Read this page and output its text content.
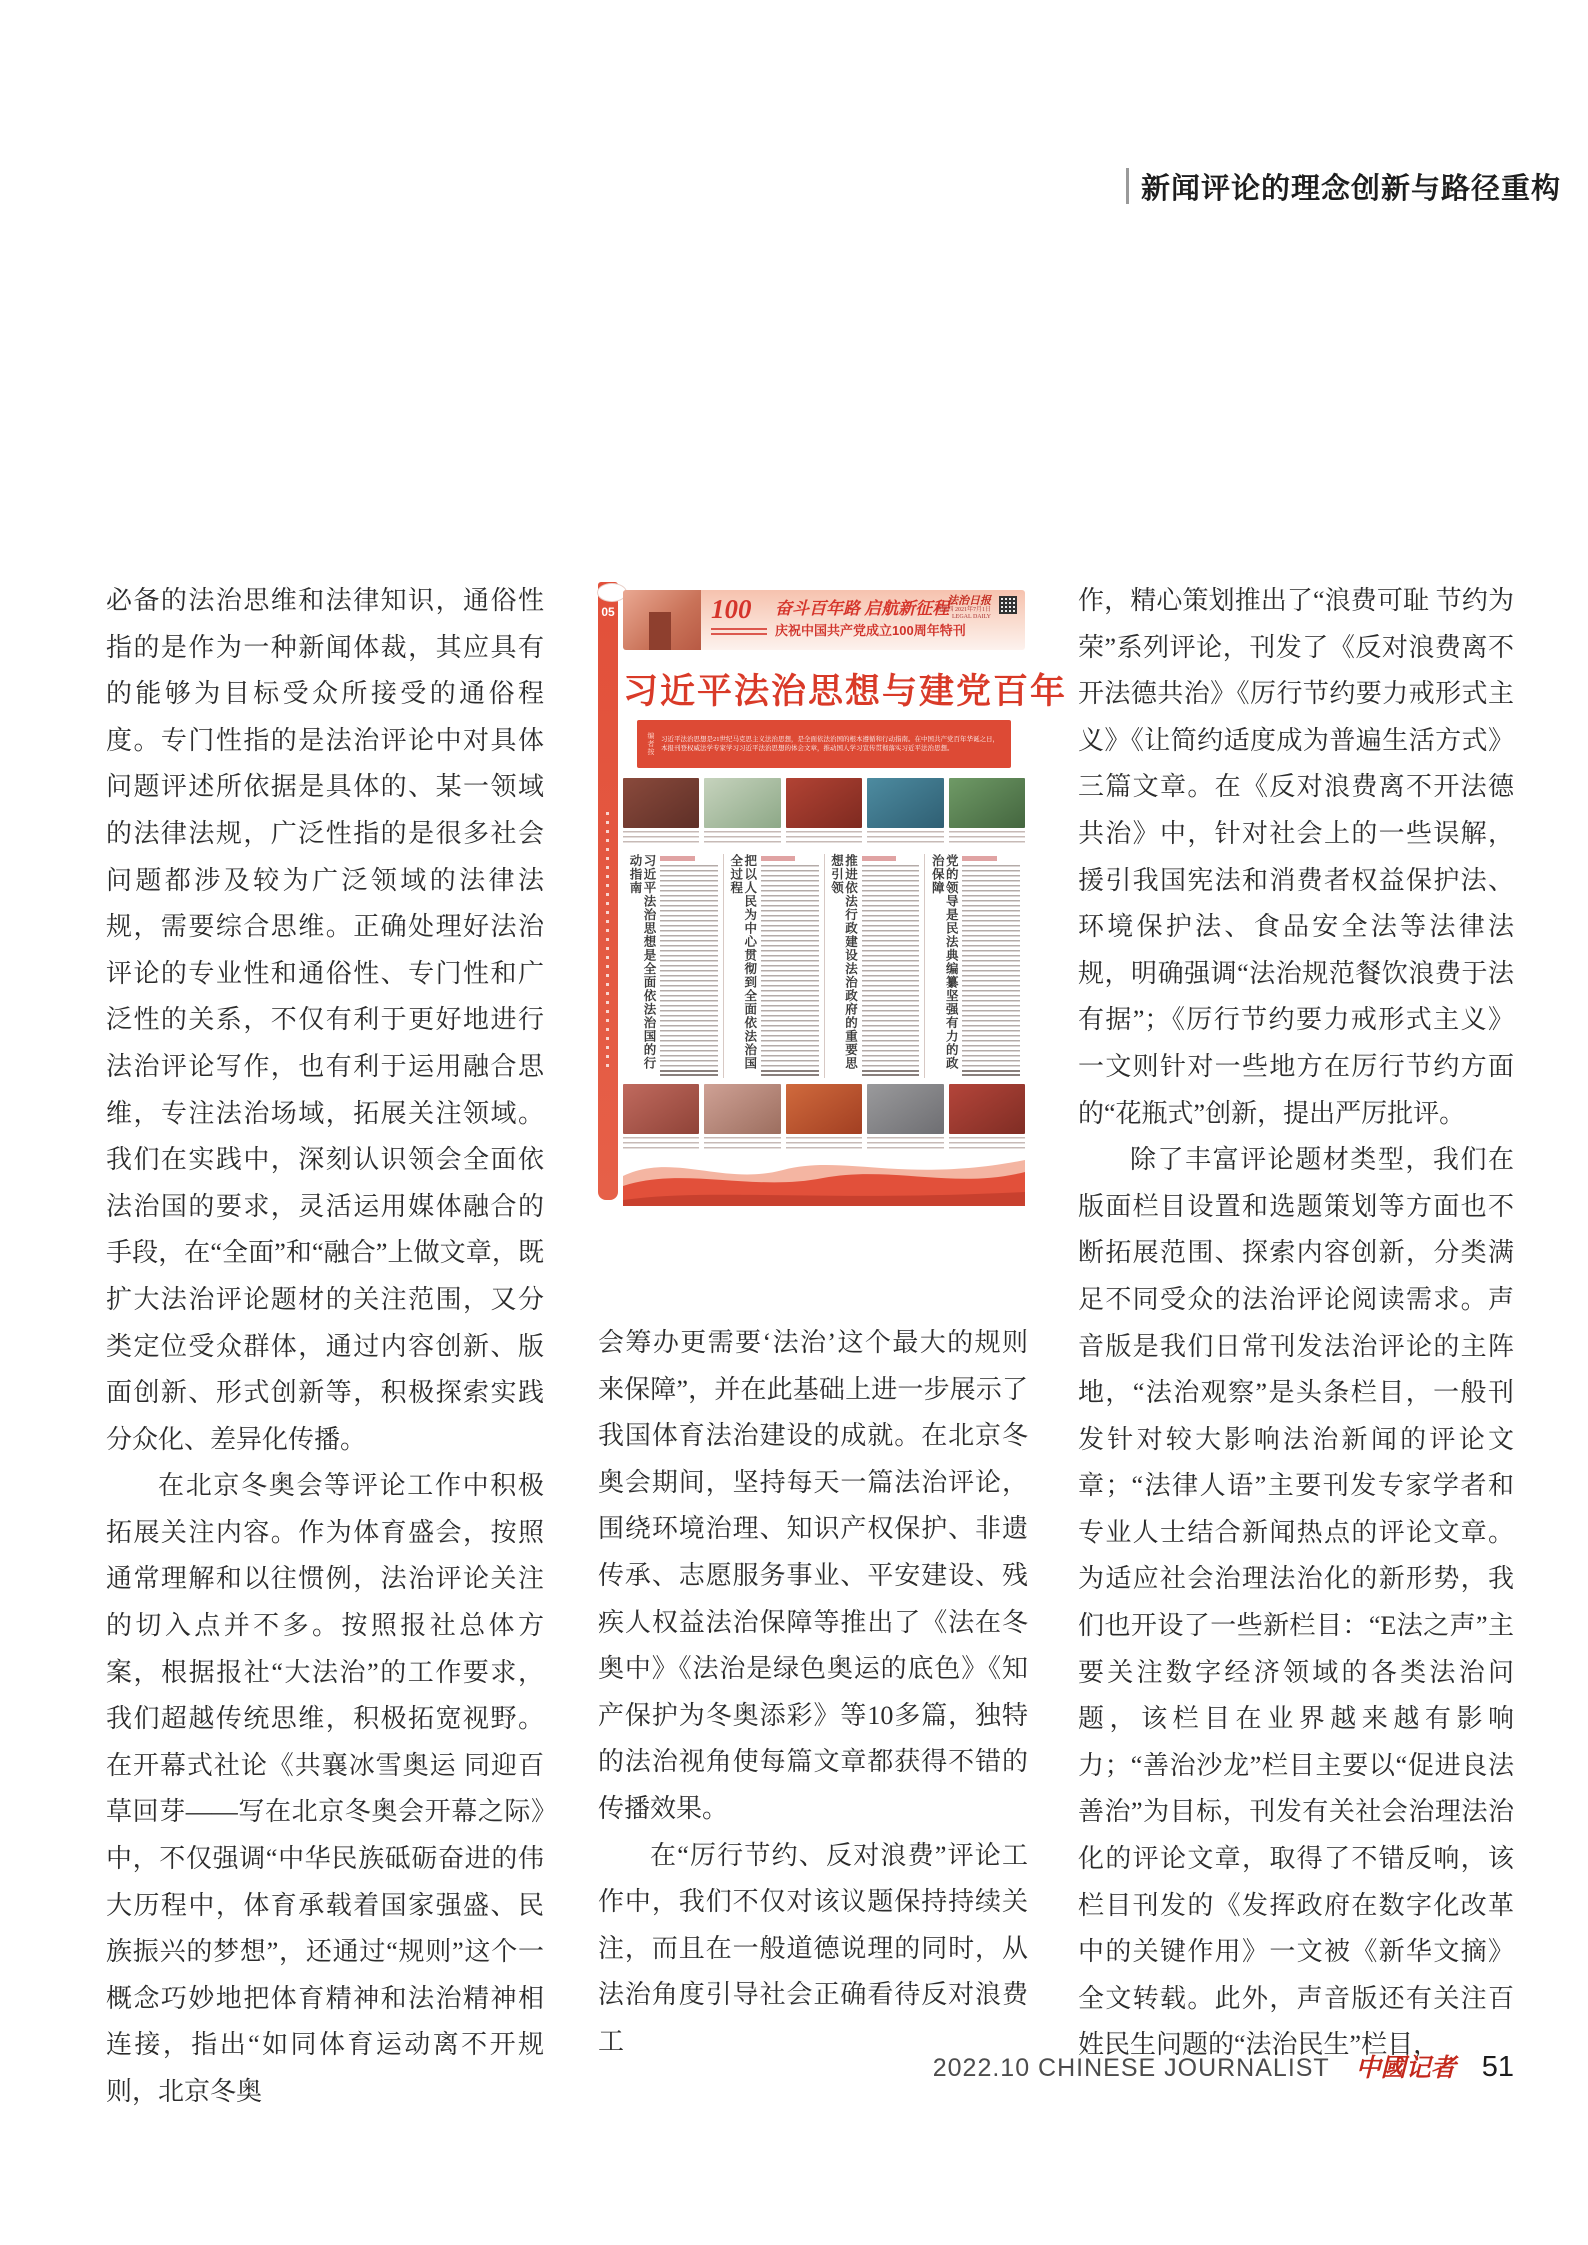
新闻评论的理念创新与路径重构

必备的法治思维和法律知识，通俗性指的是作为一种新闻体裁，其应具有的能够为目标受众所接受的通俗程度。专门性指的是法治评论中对具体问题评述所依据是具体的、某一领域的法律法规，广泛性指的是很多社会问题都涉及较为广泛领域的法律法规，需要综合思维。正确处理好法治评论的专业性和通俗性、专门性和广泛性的关系，不仅有利于更好地进行法治评论写作，也有利于运用融合思维，专注法治场域，拓展关注领域。我们在实践中，深刻认识领会全面依法治国的要求，灵活运用媒体融合的手段，在“全面”和“融合”上做文章，既扩大法治评论题材的关注范围，又分类定位受众群体，通过内容创新、版面创新、形式创新等，积极探索实践分众化、差异化传播。

在北京冬奥会等评论工作中积极拓展关注内容。作为体育盛会，按照通常理解和以往惯例，法治评论关注的切入点并不多。按照报社总体方案，根据报社“大法治”的工作要求，我们超越传统思维，积极拓宽视野。在开幕式社论《共襄冰雪奥运 同迎百草回芽——写在北京冬奥会开幕之际》中，不仅强调“中华民族砥砺奋进的伟大历程中，体育承载着国家强盛、民族振兴的梦想”，还通过“规则”这个一概念巧妙地把体育精神和法治精神相连接，指出“如同体育运动离不开规则，北京冬奥

05	100 奋斗百年路 启航新征程
庆祝中国共产党成立100周年特刊
法治日报
星期四 2021年7月1日
LEGAL DAILY
习近平法治思想与建党百年
编者按 习近平法治思想是21世纪马克思主义法治思想，是全面依法治国的根本遵循和行动指南。在中国共产党百年华诞之日，本报刊登权威法学专家学习习近平法治思想的体会文章，推动国人学习宣传贯彻落实习近平法治思想。
习近平法治思想是全面依法治国的行动指南	把以人民为中心贯彻到全面依法治国全过程	推进依法行政建设法治政府的重要思想引领	党的领导是民法典编纂坚强有力的政治保障

会筹办更需要‘法治’这个最大的规则来保障”，并在此基础上进一步展示了我国体育法治建设的成就。在北京冬奥会期间，坚持每天一篇法治评论，围绕环境治理、知识产权保护、非遗传承、志愿服务事业、平安建设、残疾人权益法治保障等推出了《法在冬奥中》《法治是绿色奥运的底色》《知产保护为冬奥添彩》等10多篇，独特的法治视角使每篇文章都获得不错的传播效果。

在“厉行节约、反对浪费”评论工作中，我们不仅对该议题保持持续关注，而且在一般道德说理的同时，从法治角度引导社会正确看待反对浪费工

作，精心策划推出了“浪费可耻 节约为荣”系列评论，刊发了《反对浪费离不开法德共治》《厉行节约要力戒形式主义》《让简约适度成为普遍生活方式》三篇文章。在《反对浪费离不开法德共治》中，针对社会上的一些误解，援引我国宪法和消费者权益保护法、环境保护法、食品安全法等法律法规，明确强调“法治规范餐饮浪费于法有据”；《厉行节约要力戒形式主义》一文则针对一些地方在厉行节约方面的“花瓶式”创新，提出严厉批评。

除了丰富评论题材类型，我们在版面栏目设置和选题策划等方面也不断拓展范围、探索内容创新，分类满足不同受众的法治评论阅读需求。声音版是我们日常刊发法治评论的主阵地，“法治观察”是头条栏目，一般刊发针对较大影响法治新闻的评论文章；“法律人语”主要刊发专家学者和专业人士结合新闻热点的评论文章。为适应社会治理法治化的新形势，我们也开设了一些新栏目：“E法之声”主要关注数字经济领域的各类法治问题，该栏目在业界越来越有影响力；“善治沙龙”栏目主要以“促进良法善治”为目标，刊发有关社会治理法治化的评论文章，取得了不错反响，该栏目刊发的《发挥政府在数字化改革中的关键作用》一文被《新华文摘》全文转载。此外，声音版还有关注百姓民生问题的“法治民生”栏目，

2022.10 CHINESE JOURNALIST 中國记者 51
